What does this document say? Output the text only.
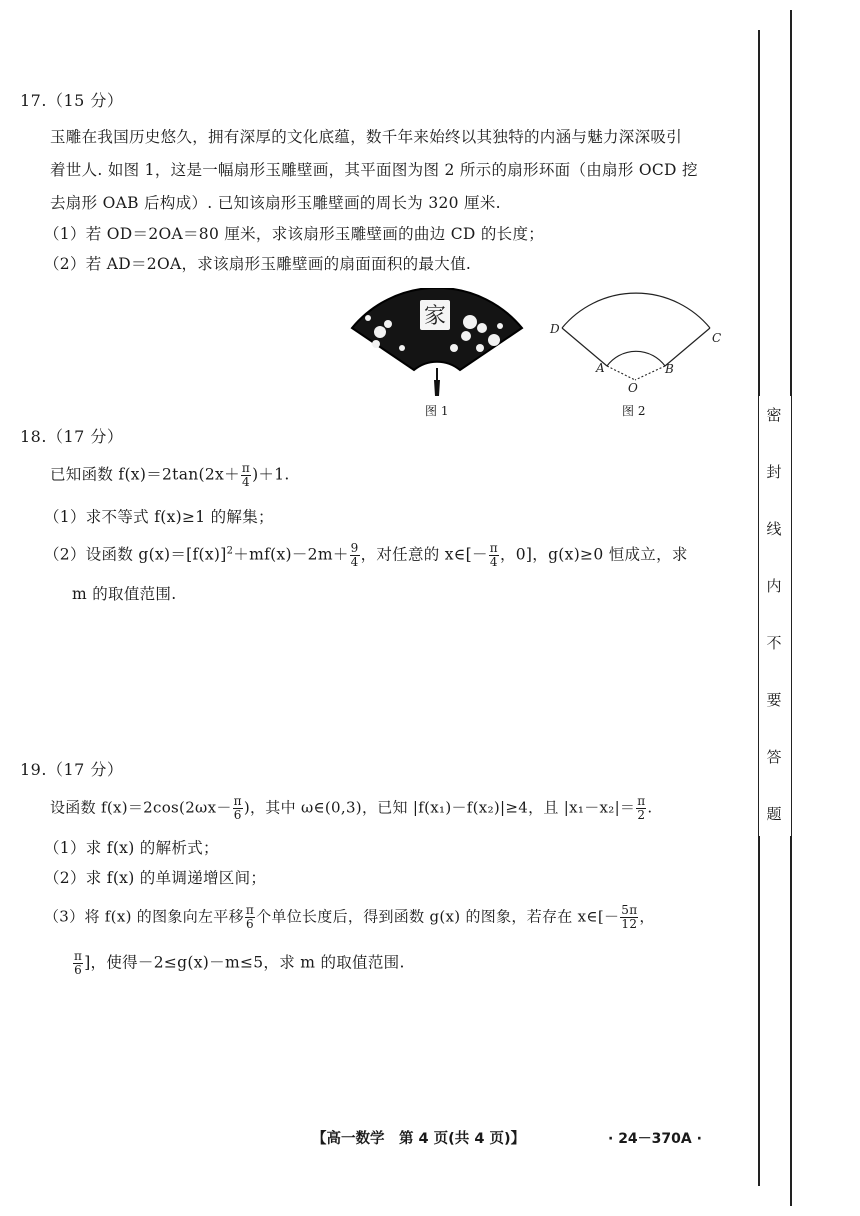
密
封
线
内
不
要
答
题
17.（15 分）
玉雕在我国历史悠久，拥有深厚的文化底蕴，数千年来始终以其独特的内涵与魅力深深吸引
着世人. 如图 1，这是一幅扇形玉雕壁画，其平面图为图 2 所示的扇形环面（由扇形 OCD 挖
去扇形 OAB 后构成）. 已知该扇形玉雕壁画的周长为 320 厘米.
（1）若 OD＝2OA＝80 厘米，求该扇形玉雕壁画的曲边 CD 的长度；
（2）若 AD＝2OA，求该扇形玉雕壁画的扇面面积的最大值.
家
图 1
D
C
A	B
O
图 2
18.（17 分）
已知函数 $f(x)=2\tan(2x+ \frac{\pi}{4} )+1$.
（1）求不等式 f(x)≥1 的解集；
（2）设函数 $g(x)=[f(x)]^2+mf(x)-2m+ \frac{9}{4}$ ，对任意的 x∈[－ $\frac{\pi}{4}$ ，0]，g(x)≥0 恒成立，求
m 的取值范围.
19.（17 分）
设函数 $f(x)=2\cos(2\omega x- \frac{\pi}{6}$ )，其中 ω∈(0,3)，已知 |f(x₁)－f(x₂)|≥4，且 $|x_1-x_2|= \frac{\pi}{2}$ .
（1）求 f(x) 的解析式；
（2）求 f(x) 的单调递增区间；
（3）将 f(x) 的图象向左平移 $\frac{\pi}{6}$ 个单位长度后，得到函数 g(x) 的图象，若存在 x∈[－ $\frac{5\pi}{12}$ ，
$\frac{\pi}{6}$ ]，使得－2≤g(x)－m≤5，求 m 的取值范围.
【高一数学　第 4 页(共 4 页)】	· 24－370A ·
